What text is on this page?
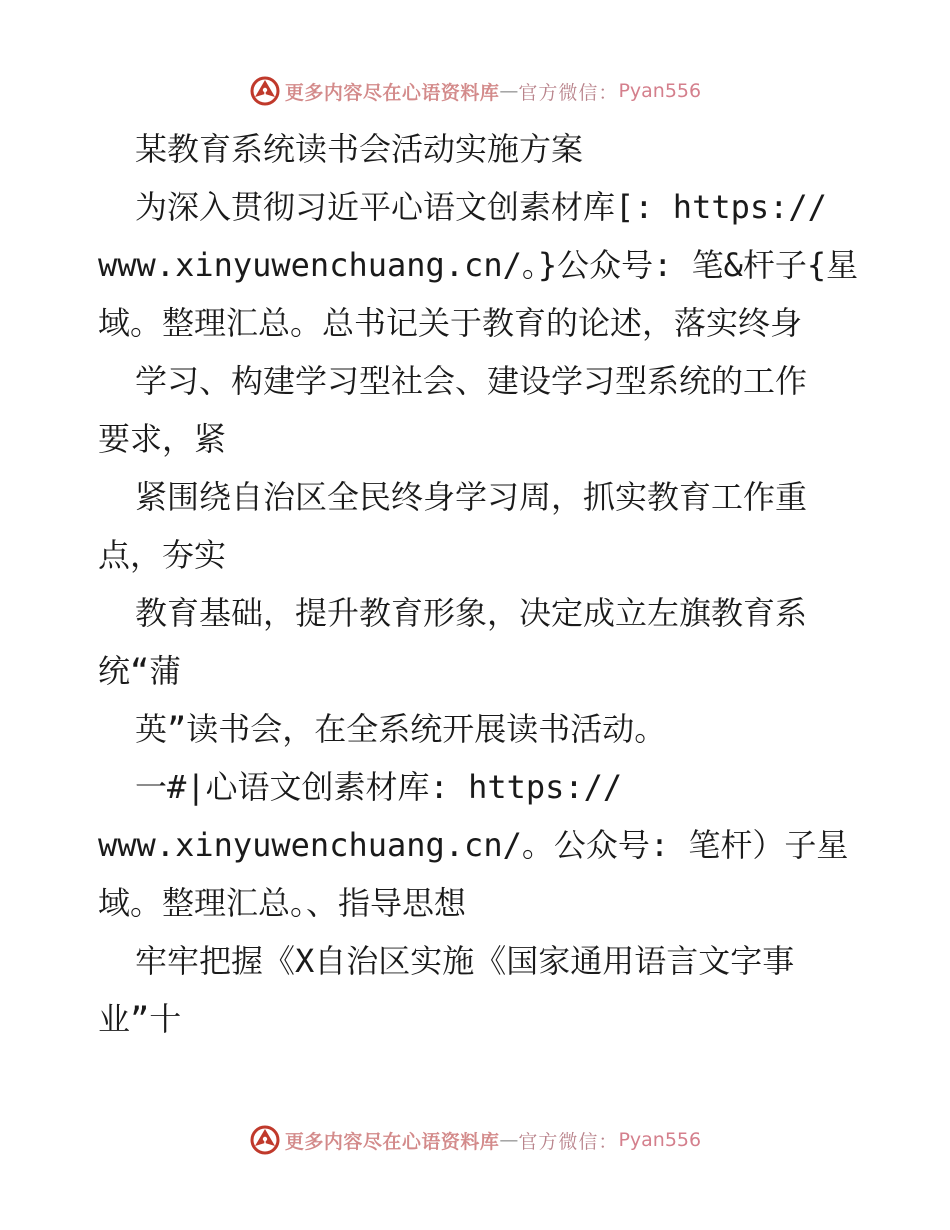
更多内容尽在心语资料库 — 官方微信： Pyan556
某教育系统读书会活动实施方案
为深入贯彻习近平心语文创素材库[: https://
www.xinyuwenchuang.cn/。}公众号: 笔&杆子{星
域。整理汇总。总书记关于教育的论述，落实终身
学习、构建学习型社会、建设学习型系统的工作
要求，紧
紧围绕自治区全民终身学习周，抓实教育工作重
点，夯实
教育基础，提升教育形象，决定成立左旗教育系
统“蒲
英”读书会，在全系统开展读书活动。
一#|心语文创素材库: https://
www.xinyuwenchuang.cn/。公众号: 笔杆）子星
域。整理汇总。、指导思想
牢牢把握《X自治区实施《国家通用语言文字事
业”十
更多内容尽在心语资料库 — 官方微信： Pyan556
